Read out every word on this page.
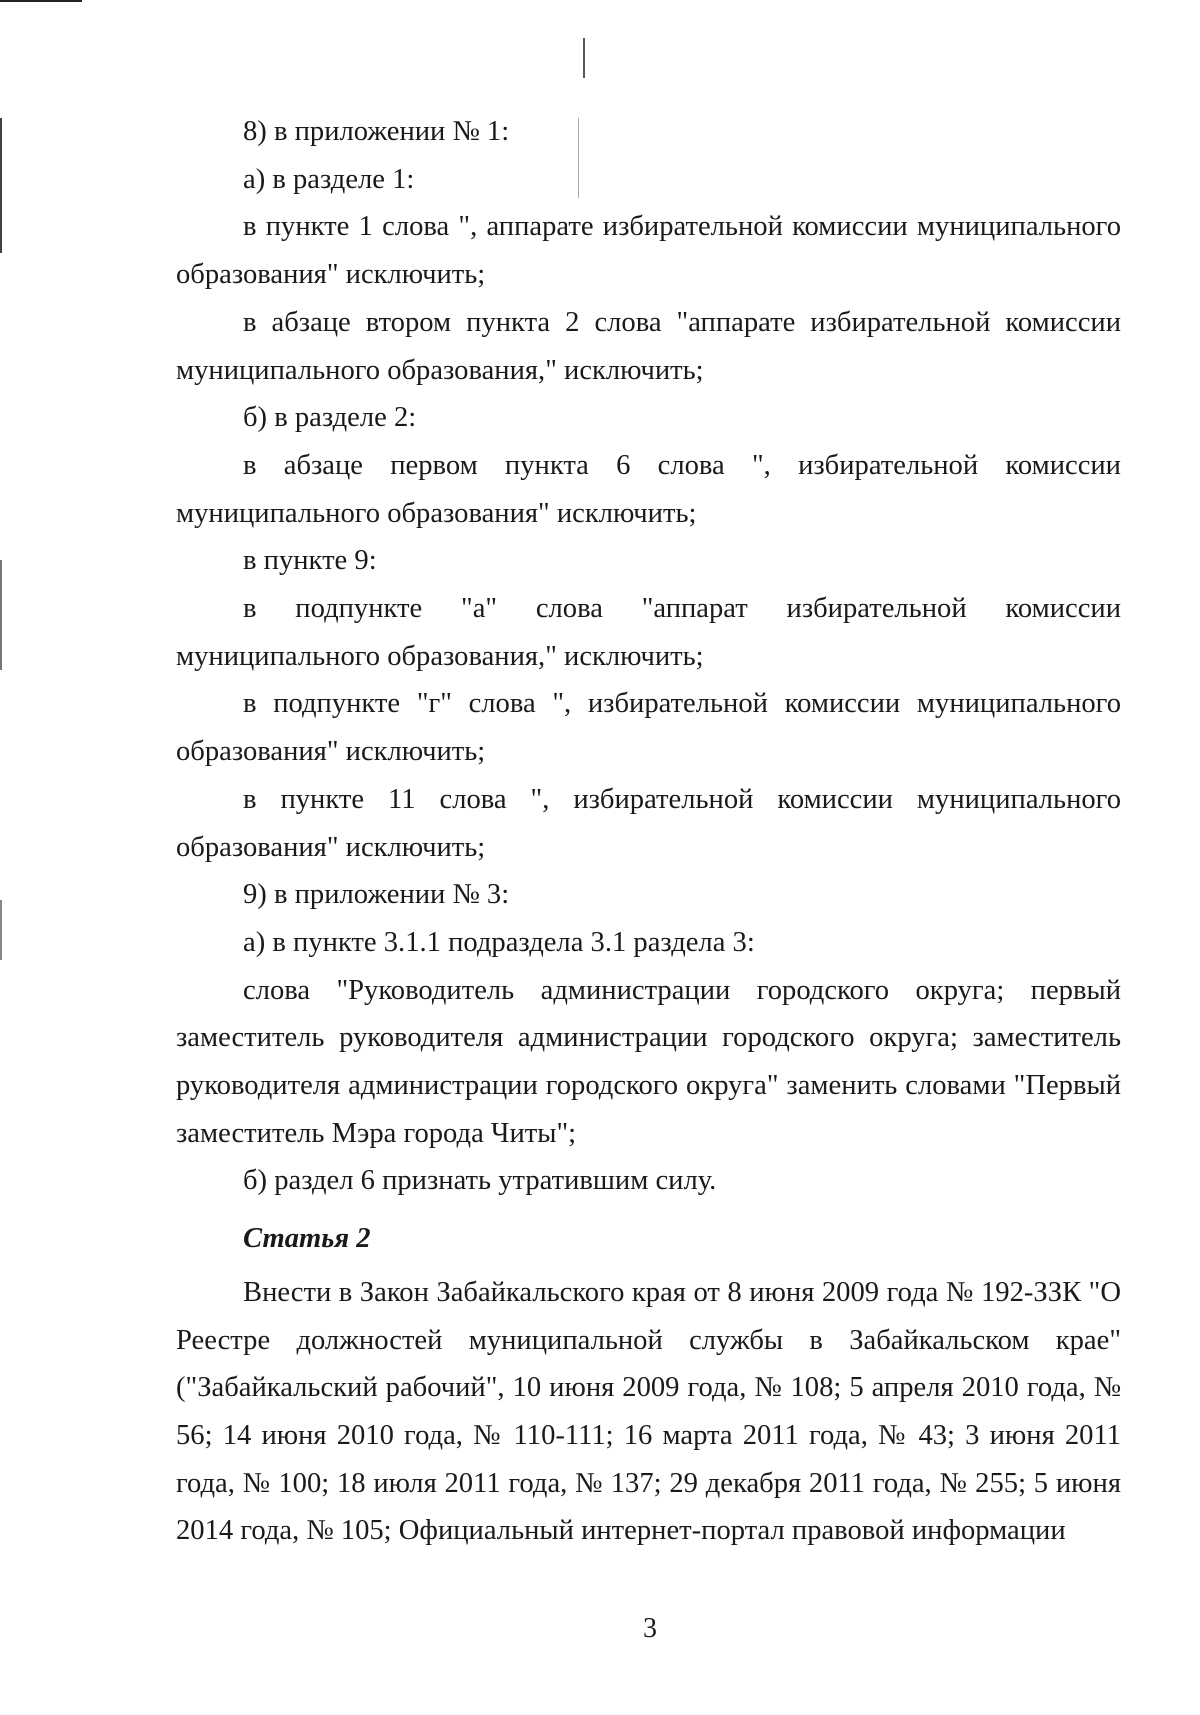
8) в приложении № 1:

а) в разделе 1:

в пункте 1 слова ", аппарате избирательной комиссии муниципального образования" исключить;

в абзаце втором пункта 2 слова "аппарате избирательной комиссии муниципального образования," исключить;

б) в разделе 2:

в абзаце первом пункта 6 слова ", избирательной комиссии муниципального образования" исключить;

в пункте 9:

в подпункте "а" слова "аппарат избирательной комиссии муниципального образования," исключить;

в подпункте "г" слова ", избирательной комиссии муниципального образования" исключить;

в пункте 11 слова ", избирательной комиссии муниципального образования" исключить;

9) в приложении № 3:

а) в пункте 3.1.1 подраздела 3.1 раздела 3:

слова "Руководитель администрации городского округа; первый заместитель руководителя администрации городского округа; заместитель руководителя администрации городского округа" заменить словами "Первый заместитель Мэра города Читы";

б) раздел 6 признать утратившим силу.

Статья 2

Внести в Закон Забайкальского края от 8 июня 2009 года № 192-ЗЗК "О Реестре должностей муниципальной службы в Забайкальском крае" ("Забайкальский рабочий", 10 июня 2009 года, № 108; 5 апреля 2010 года, № 56; 14 июня 2010 года, № 110-111; 16 марта 2011 года, № 43; 3 июня 2011 года, № 100; 18 июля 2011 года, № 137; 29 декабря 2011 года, № 255; 5 июня 2014 года, № 105; Официальный интернет-портал правовой информации

3
